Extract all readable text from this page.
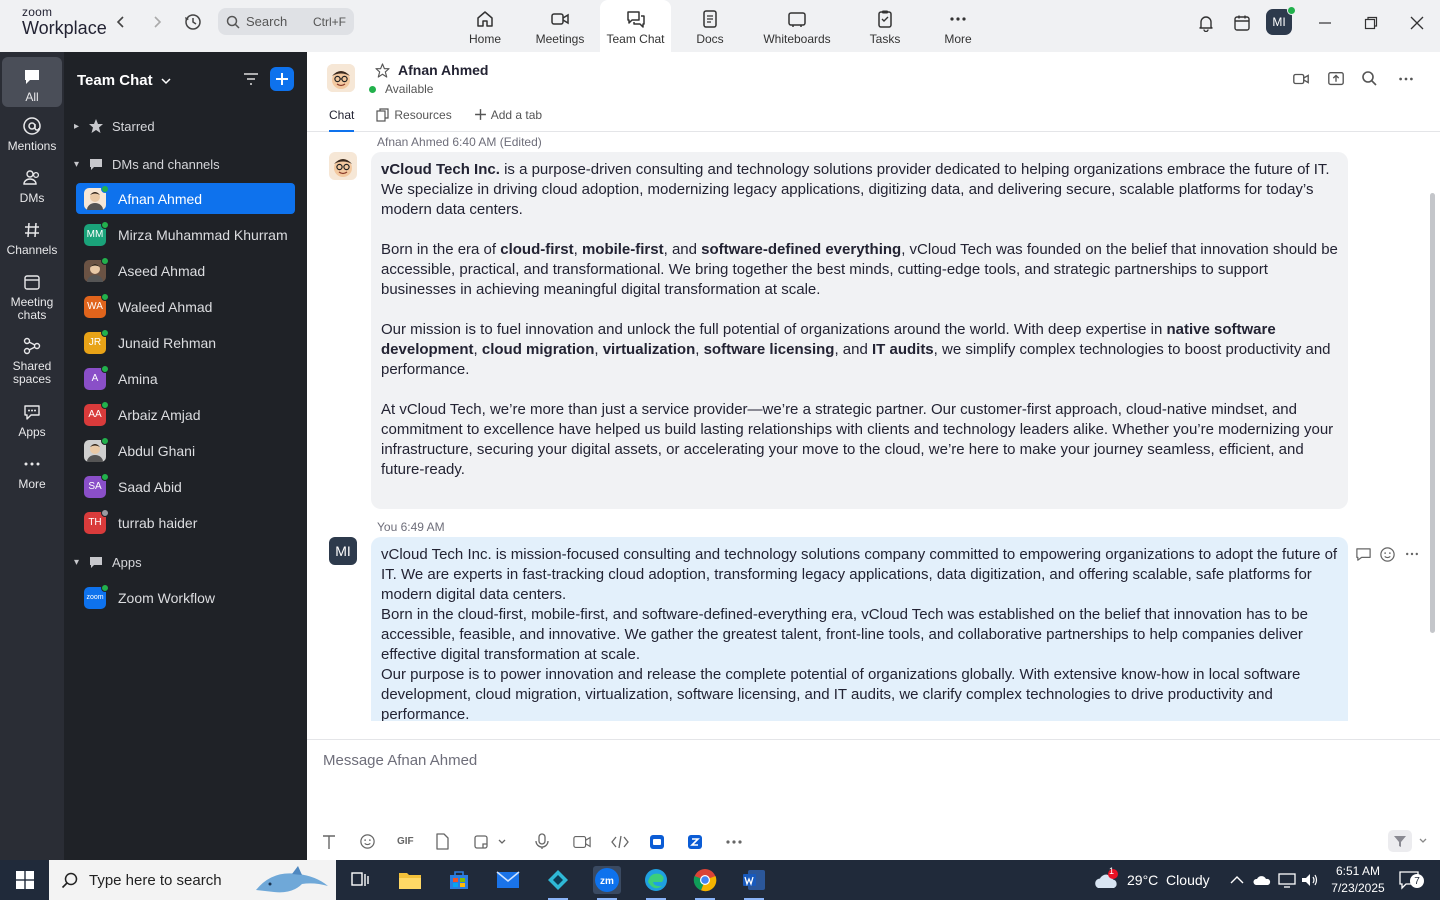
zoom
Workplace	Search Ctrl+F
Home	Meetings Team Chat	Docs	Whiteboards	Tasks	More
MI
All
Mentions
DMs
Channels
Meeting chats
Shared spaces
Apps
More
Team Chat
▸	Starred
▾	DMs and channels
Afnan Ahmed
MM Mirza Muhammad Khurram
Aseed Ahmad
WA Waleed Ahmad
JR Junaid Rehman
A Amina
AA Arbaiz Amjad
Abdul Ghani
SA Saad Abid
TH turrab haider
▾	Apps
zoom Zoom Workflow
Afnan Ahmed
Available
Chat	Resources	Add a tab
Afnan Ahmed 6:40 AM (Edited)

vCloud Tech Inc. is a purpose-driven consulting and technology solutions provider dedicated to helping organizations embrace the future of IT. We specialize in driving cloud adoption, modernizing legacy applications, digitizing data, and delivering secure, scalable platforms for today’s modern data centers.

Born in the era of cloud-first, mobile-first, and software-defined everything, vCloud Tech was founded on the belief that innovation should be accessible, practical, and transformational. We bring together the best minds, cutting-edge tools, and strategic partnerships to support businesses in achieving meaningful digital transformation at scale.

Our mission is to fuel innovation and unlock the full potential of organizations around the world. With deep expertise in native software development, cloud migration, virtualization, software licensing, and IT audits, we simplify complex technologies to boost productivity and performance.

At vCloud Tech, we’re more than just a service provider—we’re a strategic partner. Our customer-first approach, cloud-native mindset, and commitment to excellence have helped us build lasting relationships with clients and technology leaders alike. Whether you’re modernizing your infrastructure, securing your digital assets, or accelerating your move to the cloud, we’re here to make your journey seamless, efficient, and future-ready.

You 6:49 AM
MI vCloud Tech Inc. is mission-focused consulting and technology solutions company committed to empowering organizations to adopt the future of IT. We are experts in fast-tracking cloud adoption, transforming legacy applications, data digitization, and offering scalable, safe platforms for modern digital data centers.

Born in the cloud-first, mobile-first, and software-defined-everything era, vCloud Tech was established on the belief that innovation has to be accessible, feasible, and innovative. We gather the greatest talent, front-line tools, and collaborative partnerships to help companies deliver effective digital transformation at scale.

Our purpose is to power innovation and release the complete potential of organizations globally. With extensive know-how in local software development, cloud migration, virtualization, software licensing, and IT audits, we clarify complex technologies to drive productivity and performance.

Message Afnan Ahmed
GIF
Type here to search	zm
1
29°C  Cloudy
6:51 AM
7/23/2025	7
